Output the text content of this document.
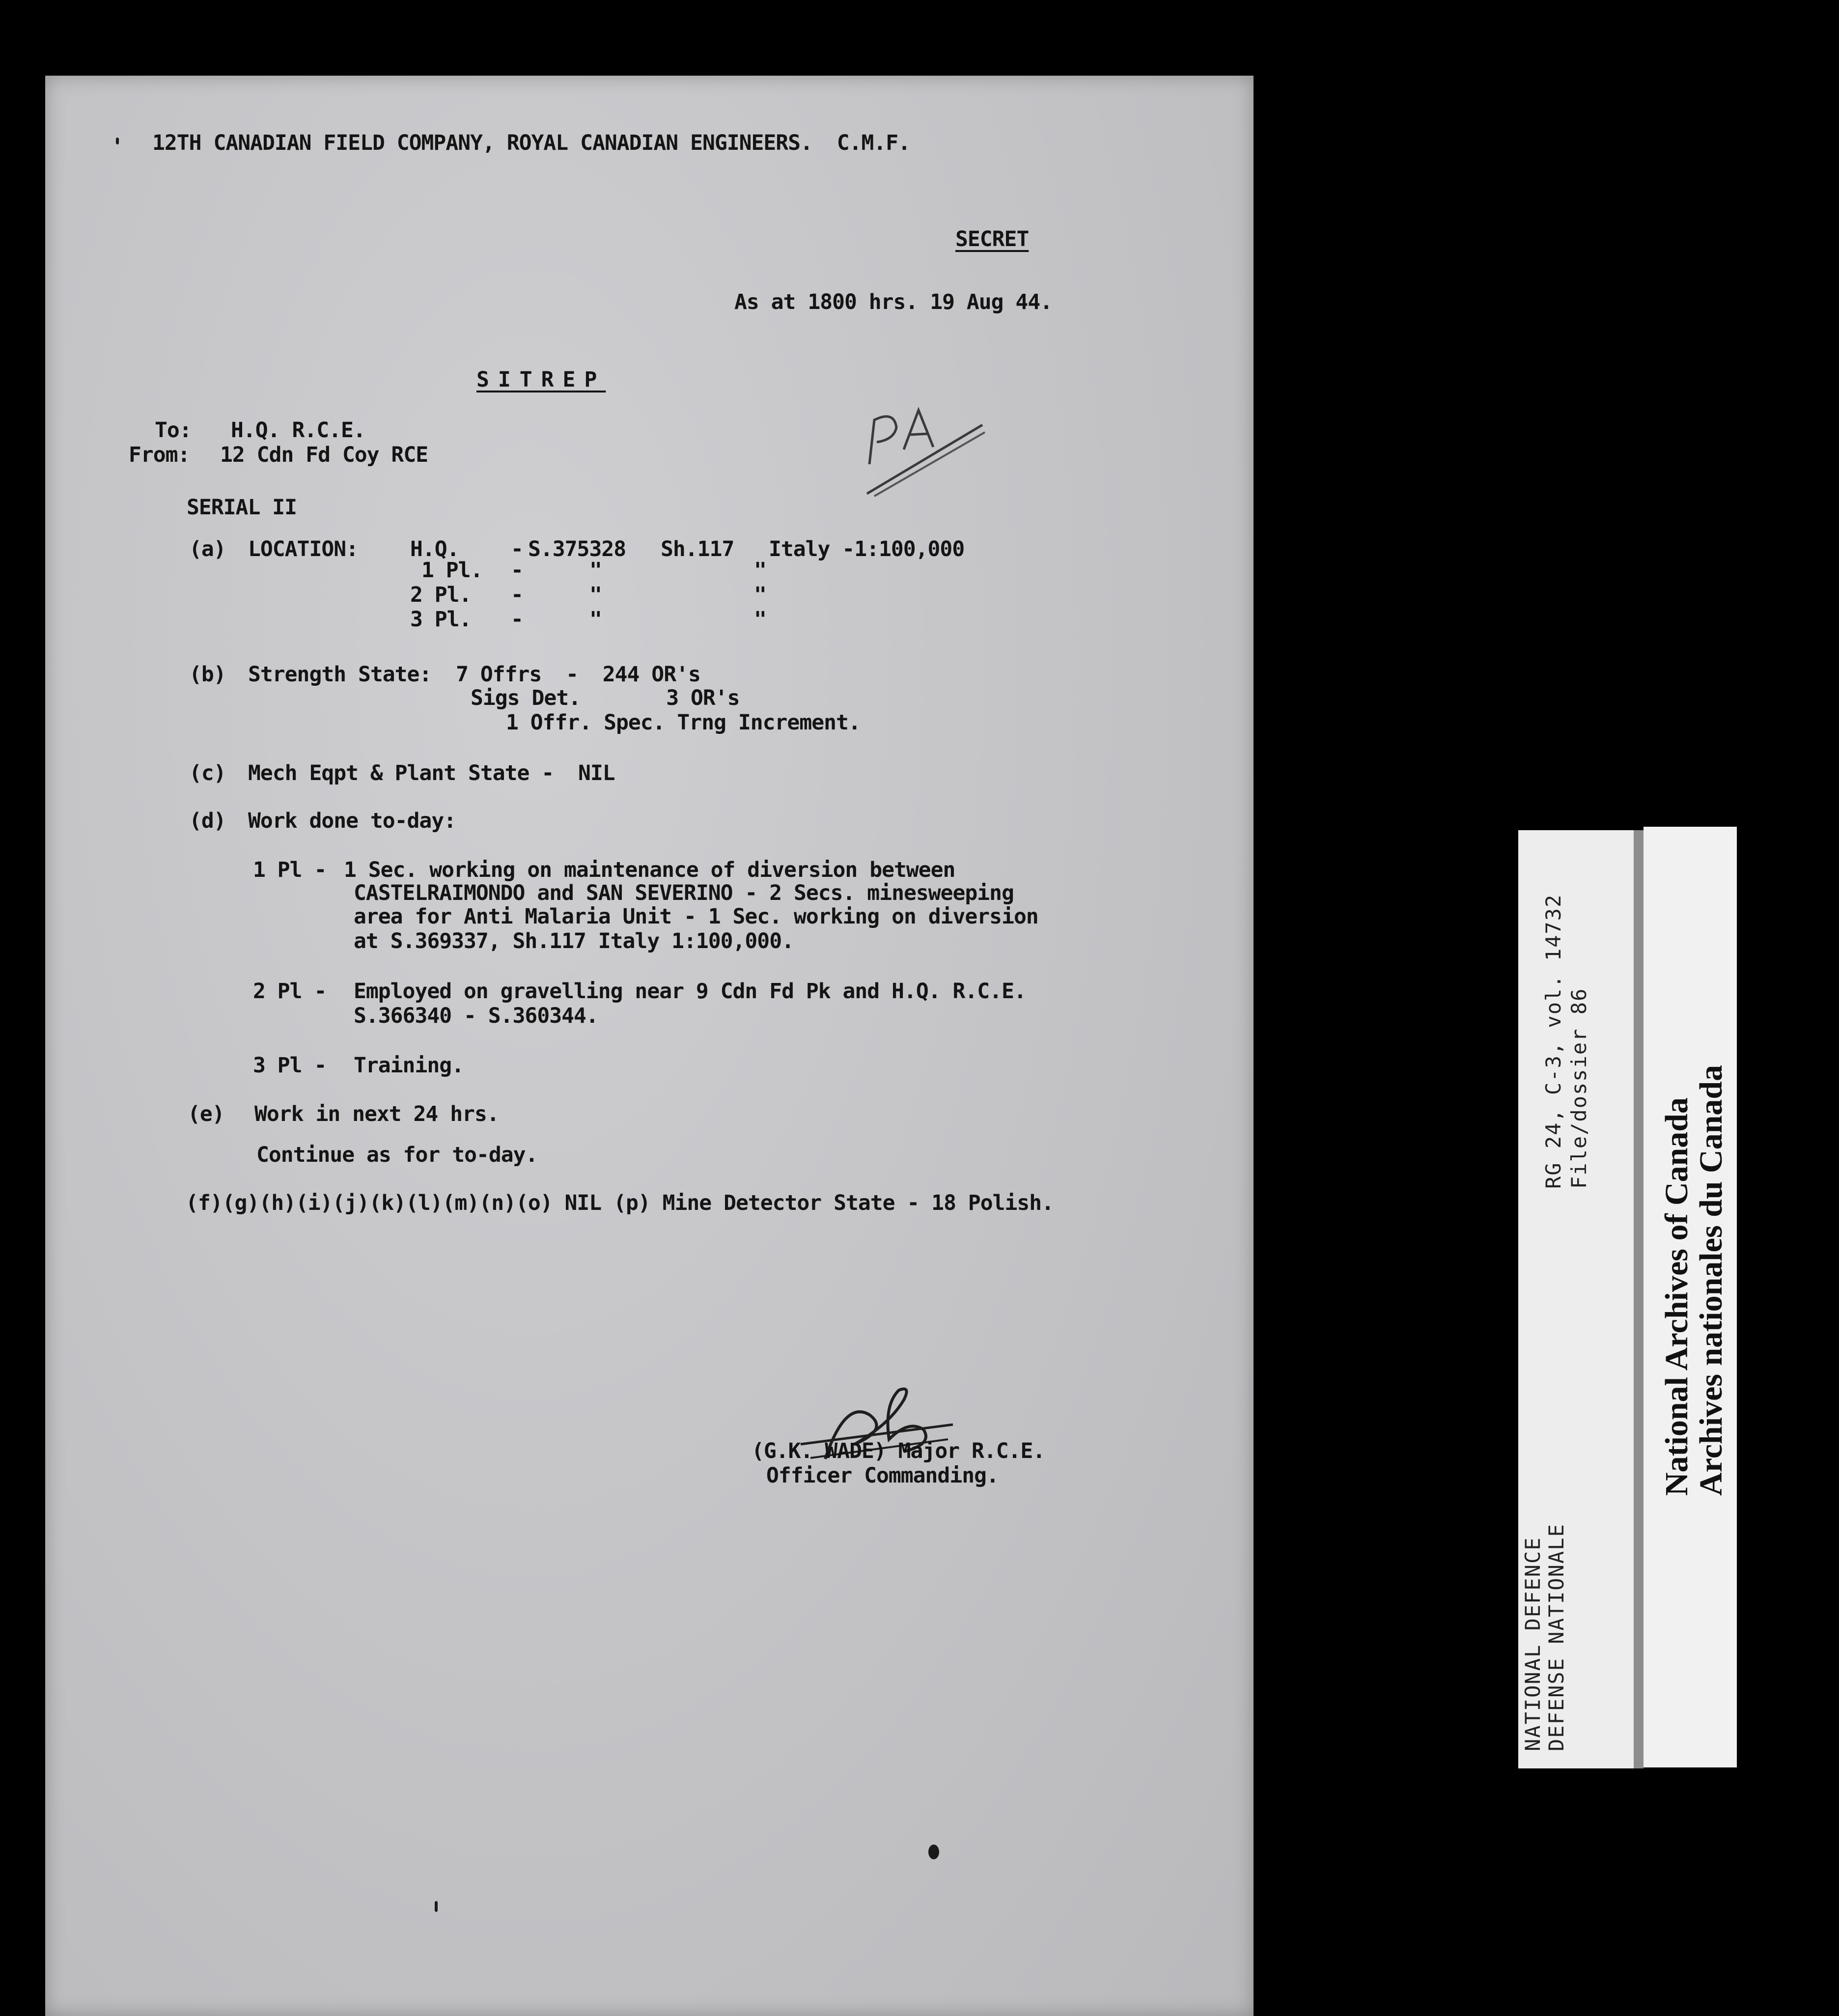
12TH CANADIAN FIELD COMPANY, ROYAL CANADIAN ENGINEERS.  C.M.F.
SECRET
As at 1800 hrs. 19 Aug 44.
SITREP
To: H.Q. R.C.E.
From: 12 Cdn Fd Coy RCE
SERIAL II
(a) LOCATION: H.Q. - S.375328 Sh.117 Italy -1:100,000
1 Pl. -	"	"
2 Pl. -	"	"
3 Pl. -	"	"
(b) Strength State:  7 Offrs  -  244 OR's
Sigs Det.       3 OR's
1 Offr. Spec. Trng Increment.
(c) Mech Eqpt & Plant State -  NIL
(d) Work done to-day:
1 Pl - 1 Sec. working on maintenance of diversion between
CASTELRAIMONDO and SAN SEVERINO - 2 Secs. minesweeping
area for Anti Malaria Unit - 1 Sec. working on diversion
at S.369337, Sh.117 Italy 1:100,000.
2 Pl - Employed on gravelling near 9 Cdn Fd Pk and H.Q. R.C.E.
S.366340 - S.360344.
3 Pl - Training.
(e) Work in next 24 hrs.
Continue as for to-day.
(f)(g)(h)(i)(j)(k)(l)(m)(n)(o) NIL (p) Mine Detector State - 18 Polish.
(G.K. WADE) Major R.C.E.
Officer Commanding.
RG 24, C-3, vol. 14732 File/dossier 86
NATIONAL DEFENCE DEFENSE NATIONALE
National Archives of Canada
Archives nationales du Canada
